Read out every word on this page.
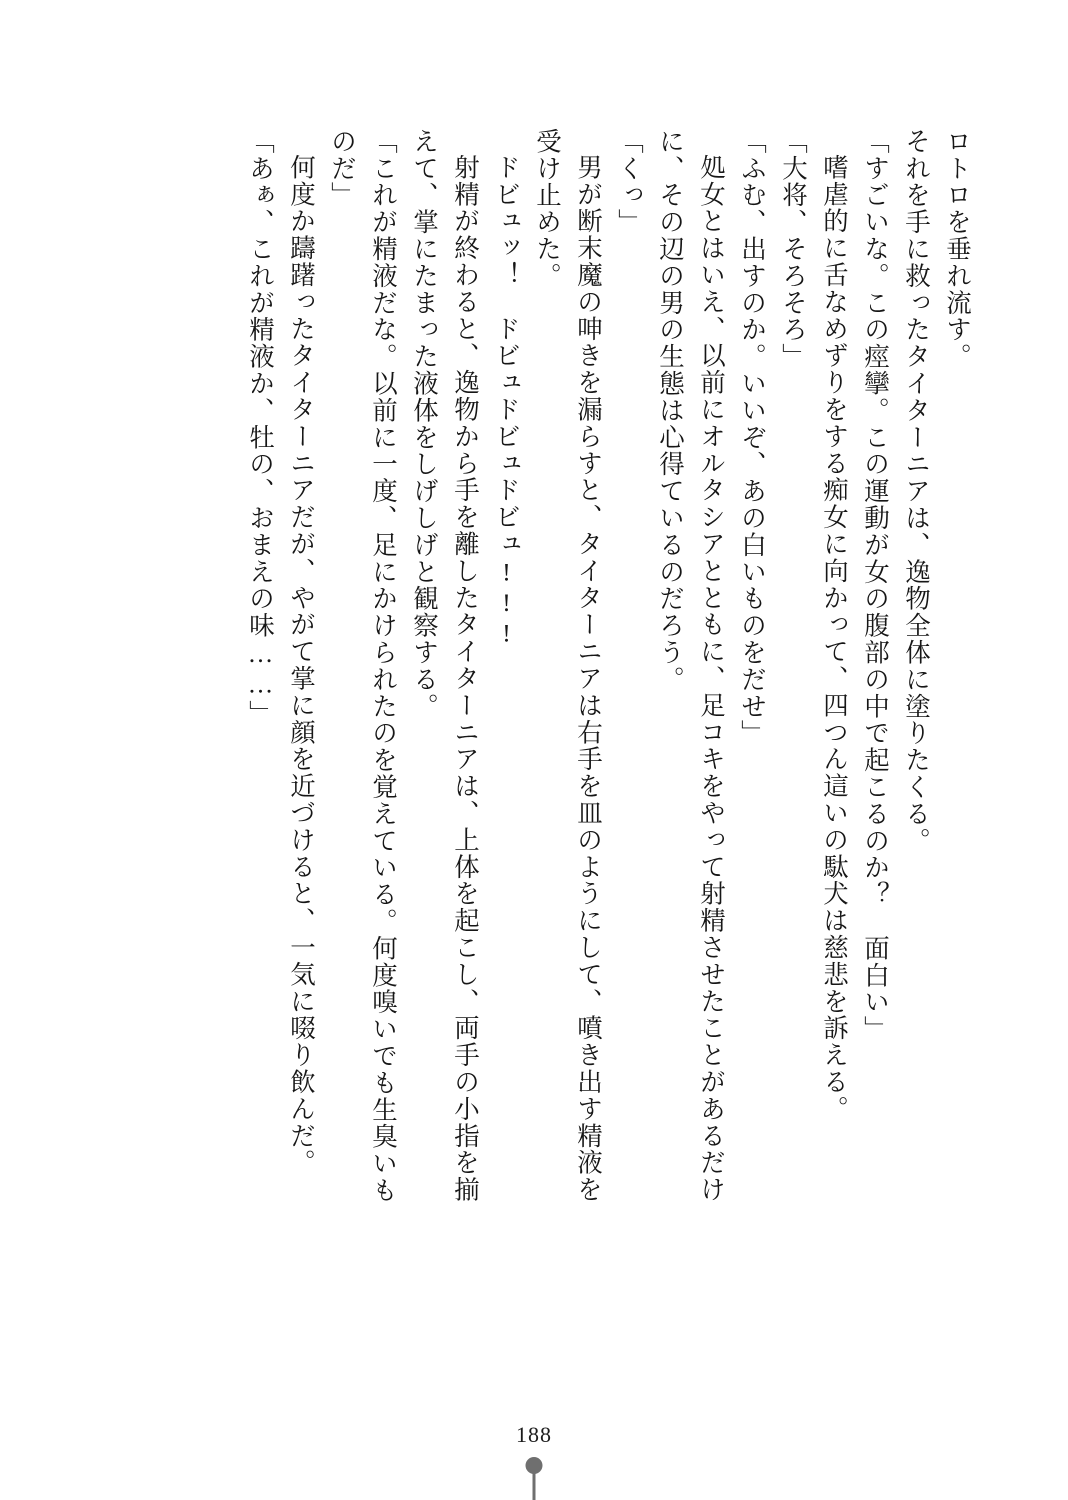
ロトロを垂れ流す。
それを手に救ったタイターニアは、逸物全体に塗りたくる。
「すごいな。この痙攣。この運動が女の腹部の中で起こるのか？　面白い」
嗜虐的に舌なめずりをする痴女に向かって、四つん這いの駄犬は慈悲を訴える。
「大将、そろそろ」
「ふむ、出すのか。いいぞ、あの白いものをだせ」
処女とはいえ、以前にオルタシアとともに、足コキをやって射精させたことがあるだけ
に、その辺の男の生態は心得ているのだろう。
「くっ」
男が断末魔の呻きを漏らすと、タイターニアは右手を皿のようにして、噴き出す精液を
受け止めた。
ドビュッ！　ドビュドビュドビュ!!!
射精が終わると、逸物から手を離したタイターニアは、上体を起こし、両手の小指を揃
えて、掌にたまった液体をしげしげと観察する。
「これが精液だな。以前に一度、足にかけられたのを覚えている。何度嗅いでも生臭いも
のだ」
何度か躊躇ったタイターニアだが、やがて掌に顔を近づけると、一気に啜り飲んだ。
「あぁ、これが精液か、牡の、おまえの味……」
188
